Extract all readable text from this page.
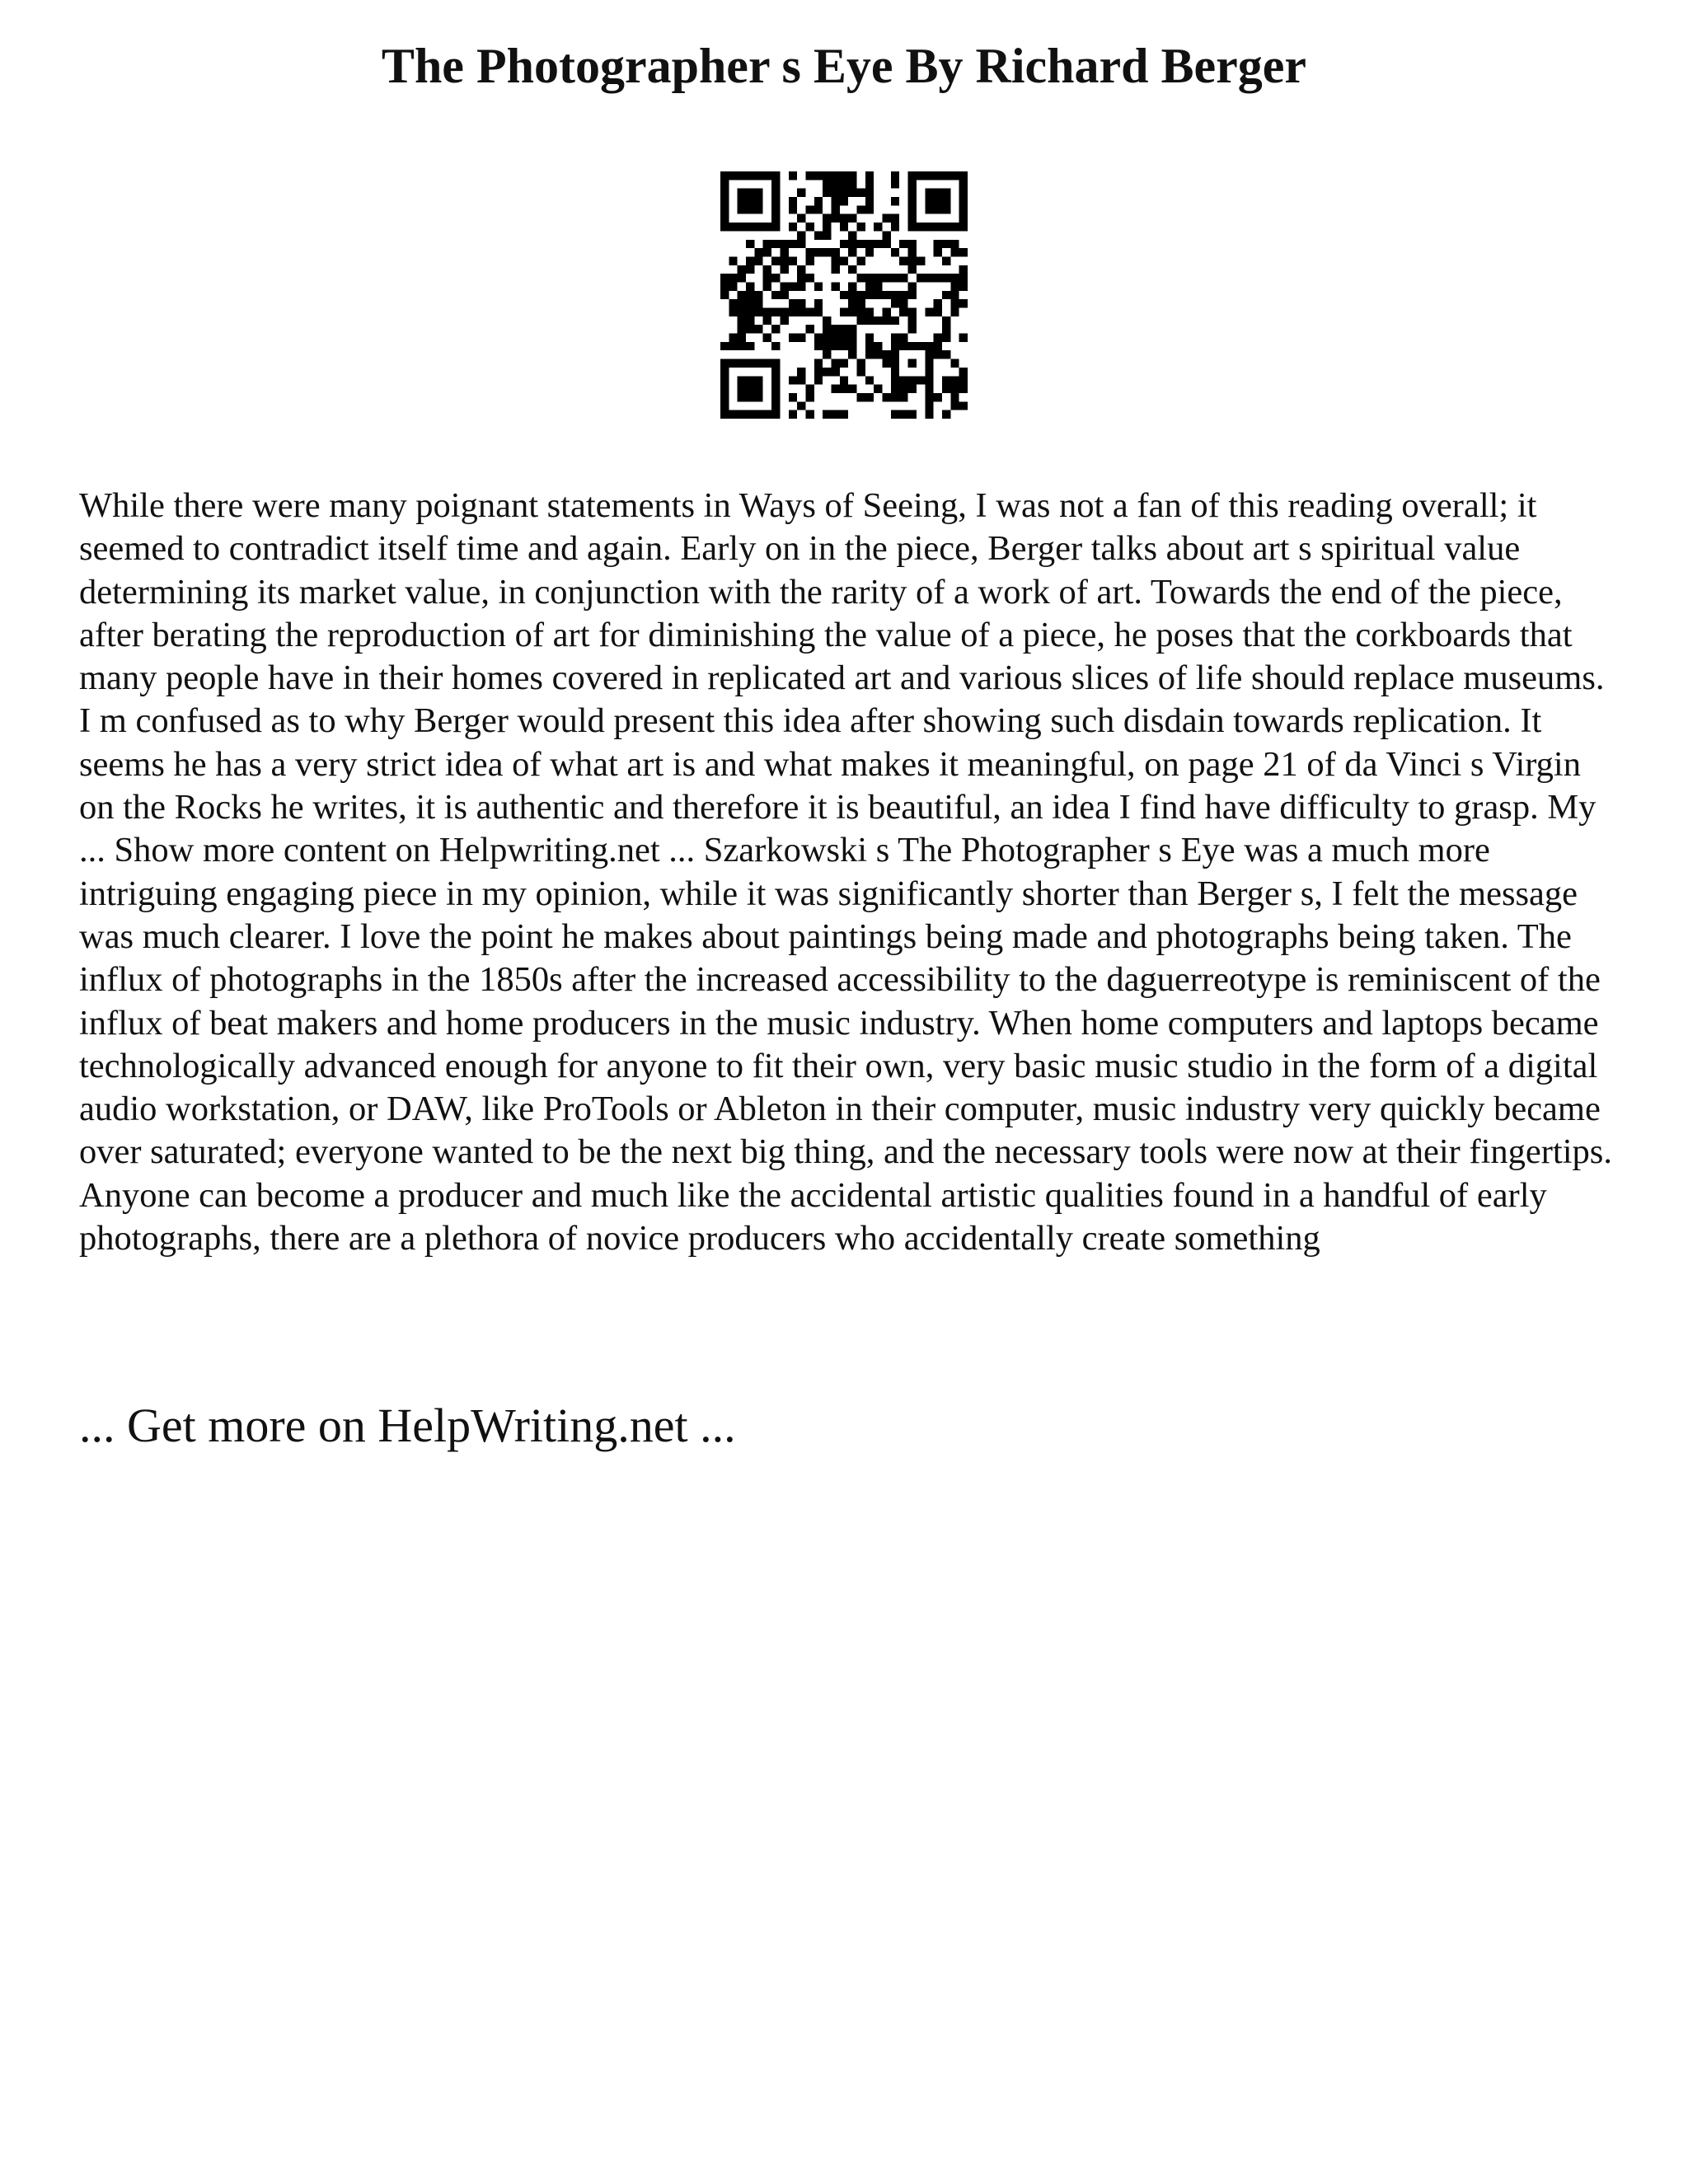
The Photographer s Eye By Richard Berger

While there were many poignant statements in Ways of Seeing, I was not a fan of this reading overall; it seemed to contradict itself time and again. Early on in the piece, Berger talks about art s spiritual value determining its market value, in conjunction with the rarity of a work of art. Towards the end of the piece, after berating the reproduction of art for diminishing the value of a piece, he poses that the corkboards that many people have in their homes covered in replicated art and various slices of life should replace museums. I m confused as to why Berger would present this idea after showing such disdain towards replication. It seems he has a very strict idea of what art is and what makes it meaningful, on page 21 of da Vinci s Virgin on the Rocks he writes, it is authentic and therefore it is beautiful, an idea I find have difficulty to grasp. My ... Show more content on Helpwriting.net ... Szarkowski s The Photographer s Eye was a much more intriguing engaging piece in my opinion, while it was significantly shorter than Berger s, I felt the message was much clearer. I love the point he makes about paintings being made and photographs being taken. The influx of photographs in the 1850s after the increased accessibility to the daguerreotype is reminiscent of the influx of beat makers and home producers in the music industry. When home computers and laptops became technologically advanced enough for anyone to fit their own, very basic music studio in the form of a digital audio workstation, or DAW, like ProTools or Ableton in their computer, music industry very quickly became over saturated; everyone wanted to be the next big thing, and the necessary tools were now at their fingertips. Anyone can become a producer and much like the accidental artistic qualities found in a handful of early photographs, there are a plethora of novice producers who accidentally create something

... Get more on HelpWriting.net ...
